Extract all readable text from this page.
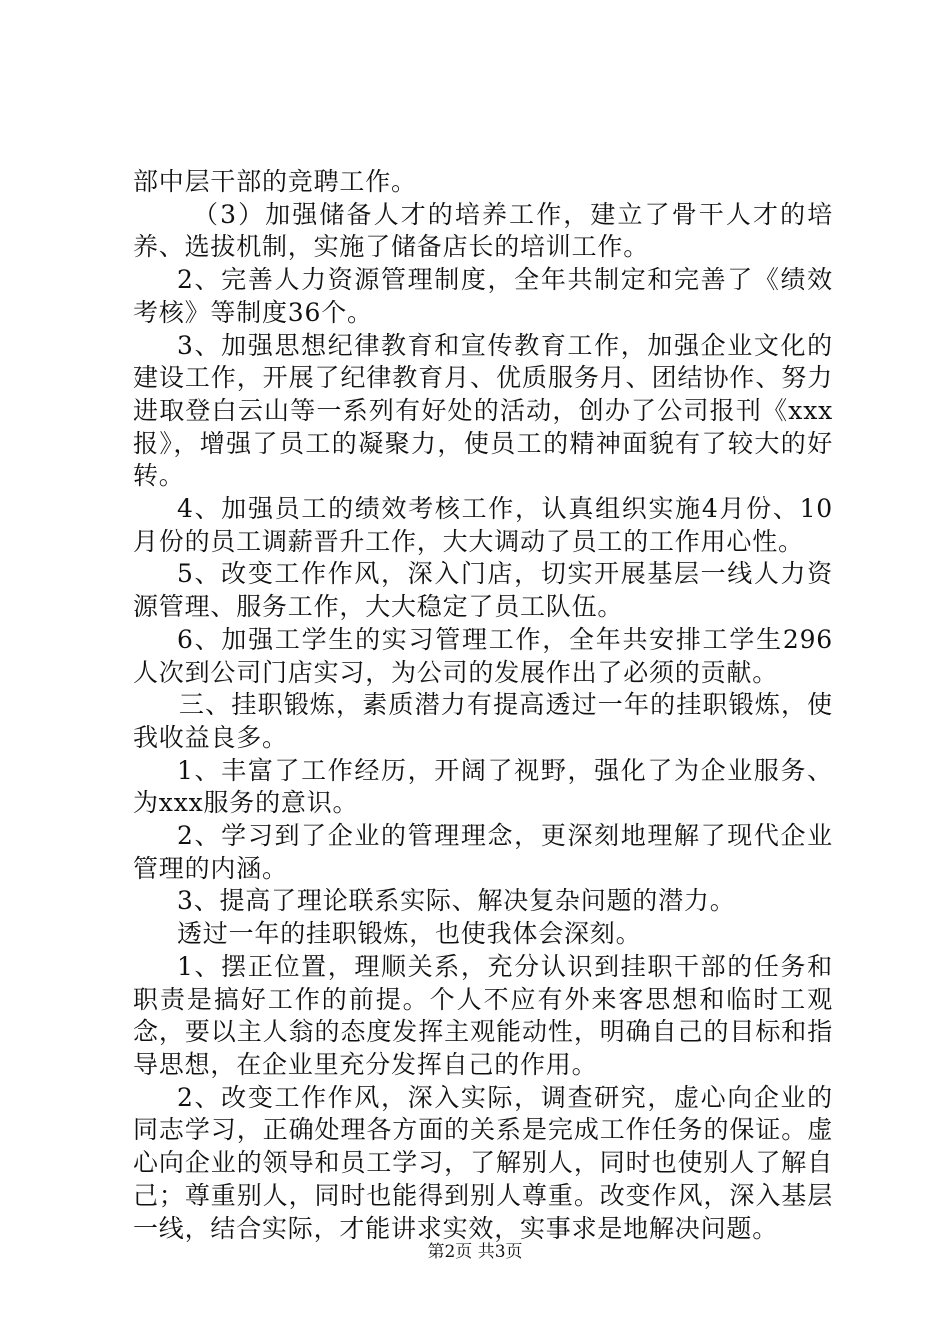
部中层干部的竞聘工作。

（3）加强储备人才的培养工作，建立了骨干人才的培养、选拔机制，实施了储备店长的培训工作。

2、完善人力资源管理制度，全年共制定和完善了《绩效考核》等制度36个。

3、加强思想纪律教育和宣传教育工作，加强企业文化的建设工作，开展了纪律教育月、优质服务月、团结协作、努力进取登白云山等一系列有好处的活动，创办了公司报刊《xxx报》，增强了员工的凝聚力，使员工的精神面貌有了较大的好转。

4、加强员工的绩效考核工作，认真组织实施4月份、10月份的员工调薪晋升工作，大大调动了员工的工作用心性。

5、改变工作作风，深入门店，切实开展基层一线人力资源管理、服务工作，大大稳定了员工队伍。

6、加强工学生的实习管理工作，全年共安排工学生296人次到公司门店实习，为公司的发展作出了必须的贡献。

三、挂职锻炼，素质潜力有提高透过一年的挂职锻炼，使我收益良多。

1、丰富了工作经历，开阔了视野，强化了为企业服务、为xxx服务的意识。

2、学习到了企业的管理理念，更深刻地理解了现代企业管理的内涵。

3、提高了理论联系实际、解决复杂问题的潜力。

透过一年的挂职锻炼，也使我体会深刻。

1、摆正位置，理顺关系，充分认识到挂职干部的任务和职责是搞好工作的前提。个人不应有外来客思想和临时工观念，要以主人翁的态度发挥主观能动性，明确自己的目标和指导思想，在企业里充分发挥自己的作用。

2、改变工作作风，深入实际，调查研究，虚心向企业的同志学习，正确处理各方面的关系是完成工作任务的保证。虚心向企业的领导和员工学习，了解别人，同时也使别人了解自己；尊重别人，同时也能得到别人尊重。改变作风，深入基层一线，结合实际，才能讲求实效，实事求是地解决问题。

第2页 共3页
